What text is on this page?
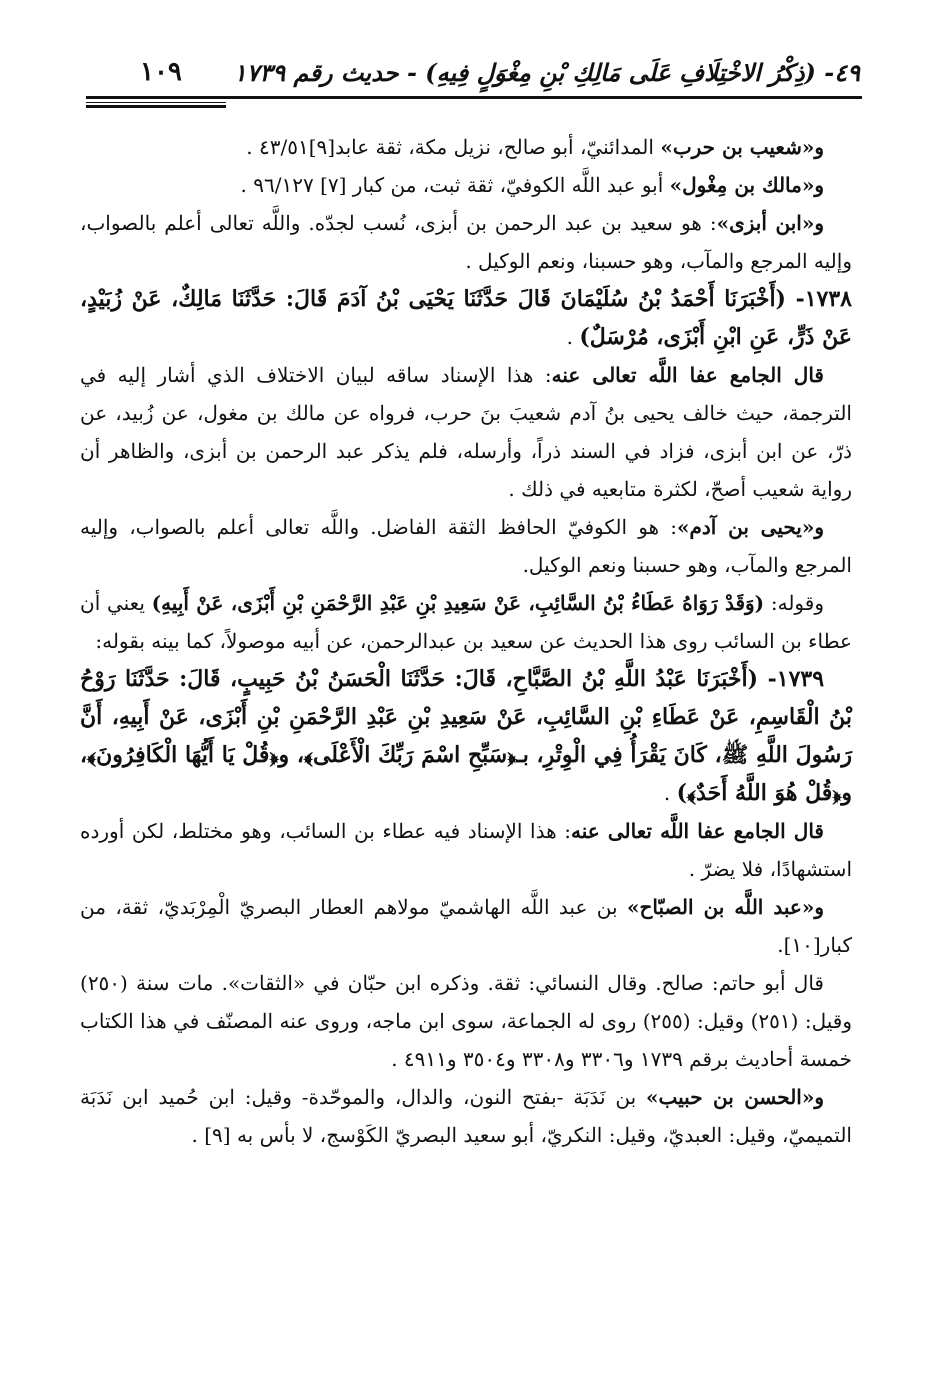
٤٩- (ذِكْرُ الاخْتِلَافِ عَلَى مَالِكِ بْنِ مِغْوَلٍ فِيهِ) - حديث رقم ١٧٣٩
١٠٩

و«شعيب بن حرب» المدائنيّ، أبو صالح، نزيل مكة، ثقة عابد[٩]٤٣/٥١ .

و«مالك بن مِغْول» أبو عبد اللَّه الكوفيّ، ثقة ثبت، من كبار [٧] ٩٦/١٢٧ .

و«ابن أبزى»: هو سعيد بن عبد الرحمن بن أبزى، نُسب لجدّه. واللَّه تعالى أعلم بالصواب، وإليه المرجع والمآب، وهو حسبنا، ونعم الوكيل .

١٧٣٨- (أَخْبَرَنَا أَحْمَدُ بْنُ سُلَيْمَانَ قَالَ حَدَّثَنَا يَحْيَى بْنُ آدَمَ قَالَ: حَدَّثَنَا مَالِكٌ، عَنْ زُبَيْدٍ، عَنْ ذَرٍّ، عَنِ ابْنِ أَبْزَى، مُرْسَلٌ) .

قال الجامع عفا اللَّه تعالى عنه: هذا الإسناد ساقه لبيان الاختلاف الذي أشار إليه في الترجمة، حيث خالف يحيى بنُ آدم شعيبَ بنَ حرب، فرواه عن مالك بن مغول، عن زُبيد، عن ذرّ، عن ابن أبزى، فزاد في السند ذراً، وأرسله، فلم يذكر عبد الرحمن بن أبزى، والظاهر أن رواية شعيب أصحّ، لكثرة متابعيه في ذلك .

و«يحيى بن آدم»: هو الكوفيّ الحافظ الثقة الفاضل. واللَّه تعالى أعلم بالصواب، وإليه المرجع والمآب، وهو حسبنا ونعم الوكيل.

وقوله: (وَقَدْ رَوَاهُ عَطَاءُ بْنُ السَّائِبِ، عَنْ سَعِيدِ بْنِ عَبْدِ الرَّحْمَنِ بْنِ أَبْزَى، عَنْ أَبِيهِ) يعني أن عطاء بن السائب روى هذا الحديث عن سعيد بن عبدالرحمن، عن أبيه موصولاً، كما بينه بقوله:

١٧٣٩- (أَخْبَرَنَا عَبْدُ اللَّهِ بْنُ الصَّبَّاحِ، قَالَ: حَدَّثَنَا الْحَسَنُ بْنُ حَبِيبٍ، قَالَ: حَدَّثَنَا رَوْحُ بْنُ الْقَاسِمِ، عَنْ عَطَاءِ بْنِ السَّائِبِ، عَنْ سَعِيدِ بْنِ عَبْدِ الرَّحْمَنِ بْنِ أَبْزَى، عَنْ أَبِيهِ، أَنَّ رَسُولَ اللَّهِ ﷺ، كَانَ يَقْرَأُ فِي الْوِتْرِ، بـ﴿سَبِّحِ اسْمَ رَبِّكَ الْأَعْلَى﴾، و﴿قُلْ يَا أَيُّهَا الْكَافِرُونَ﴾، و﴿قُلْ هُوَ اللَّهُ أَحَدٌ﴾) .

قال الجامع عفا اللَّه تعالى عنه: هذا الإسناد فيه عطاء بن السائب، وهو مختلط، لكن أورده استشهادًا، فلا يضرّ .

و«عبد اللَّه بن الصبّاح» بن عبد اللَّه الهاشميّ مولاهم العطار البصريّ الْمِرْبَديّ، ثقة، من كبار[١٠].

قال أبو حاتم: صالح. وقال النسائي: ثقة. وذكره ابن حبّان في «الثقات». مات سنة (٢٥٠) وقيل: (٢٥١) وقيل: (٢٥٥) روى له الجماعة، سوى ابن ماجه، وروى عنه المصنّف في هذا الكتاب خمسة أحاديث برقم ١٧٣٩ و٣٣٠٦ و٣٣٠٨ و٣٥٠٤ و٤٩١١ .

و«الحسن بن حبيب» بن نَدَبَة -بفتح النون، والدال، والموحّدة- وقيل: ابن حُميد ابن نَدَبَة التميميّ، وقيل: العبديّ، وقيل: النكريّ، أبو سعيد البصريّ الكَوْسج، لا بأس به [٩] .
